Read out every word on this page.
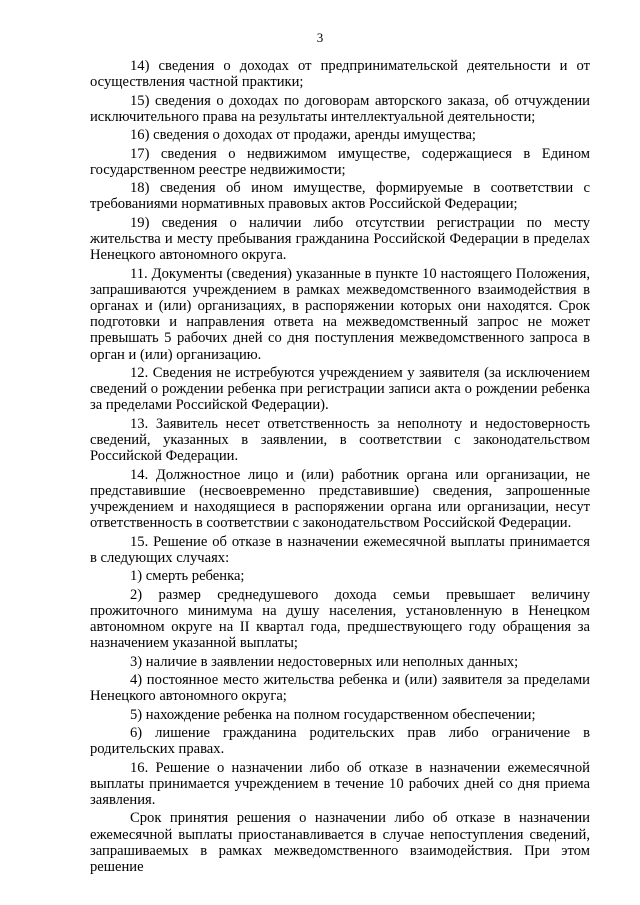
3

14) сведения о доходах от предпринимательской деятельности и от осуществления частной практики;

15) сведения о доходах по договорам авторского заказа, об отчуждении исключительного права на результаты интеллектуальной деятельности;

16) сведения о доходах от продажи, аренды имущества;

17) сведения о недвижимом имуществе, содержащиеся в Едином государственном реестре недвижимости;

18) сведения об ином имуществе, формируемые в соответствии с требованиями нормативных правовых актов Российской Федерации;

19) сведения о наличии либо отсутствии регистрации по месту жительства и месту пребывания гражданина Российской Федерации в пределах Ненецкого автономного округа.

11. Документы (сведения) указанные в пункте 10 настоящего Положения, запрашиваются учреждением в рамках межведомственного взаимодействия в органах и (или) организациях, в распоряжении которых они находятся. Срок подготовки и направления ответа на межведомственный запрос не может превышать 5 рабочих дней со дня поступления межведомственного запроса в орган и (или) организацию.

12. Сведения не истребуются учреждением у заявителя (за исключением сведений о рождении ребенка при регистрации записи акта о рождении ребенка за пределами Российской Федерации).

13. Заявитель несет ответственность за неполноту и недостоверность сведений, указанных в заявлении, в соответствии с законодательством Российской Федерации.

14. Должностное лицо и (или) работник органа или организации, не представившие (несвоевременно представившие) сведения, запрошенные учреждением и находящиеся в распоряжении органа или организации, несут ответственность в соответствии с законодательством Российской Федерации.

15. Решение об отказе в назначении ежемесячной выплаты принимается в следующих случаях:

1) смерть ребенка;

2) размер среднедушевого дохода семьи превышает величину прожиточного минимума на душу населения, установленную в Ненецком автономном округе на II квартал года, предшествующего году обращения за назначением указанной выплаты;

3) наличие в заявлении недостоверных или неполных данных;

4) постоянное место жительства ребенка и (или) заявителя за пределами Ненецкого автономного округа;

5) нахождение ребенка на полном государственном обеспечении;

6) лишение гражданина родительских прав либо ограничение в родительских правах.

16. Решение о назначении либо об отказе в назначении ежемесячной выплаты принимается учреждением в течение 10 рабочих дней со дня приема заявления.

Срок принятия решения о назначении либо об отказе в назначении ежемесячной выплаты приостанавливается в случае непоступления сведений, запрашиваемых в рамках межведомственного взаимодействия. При этом решение
